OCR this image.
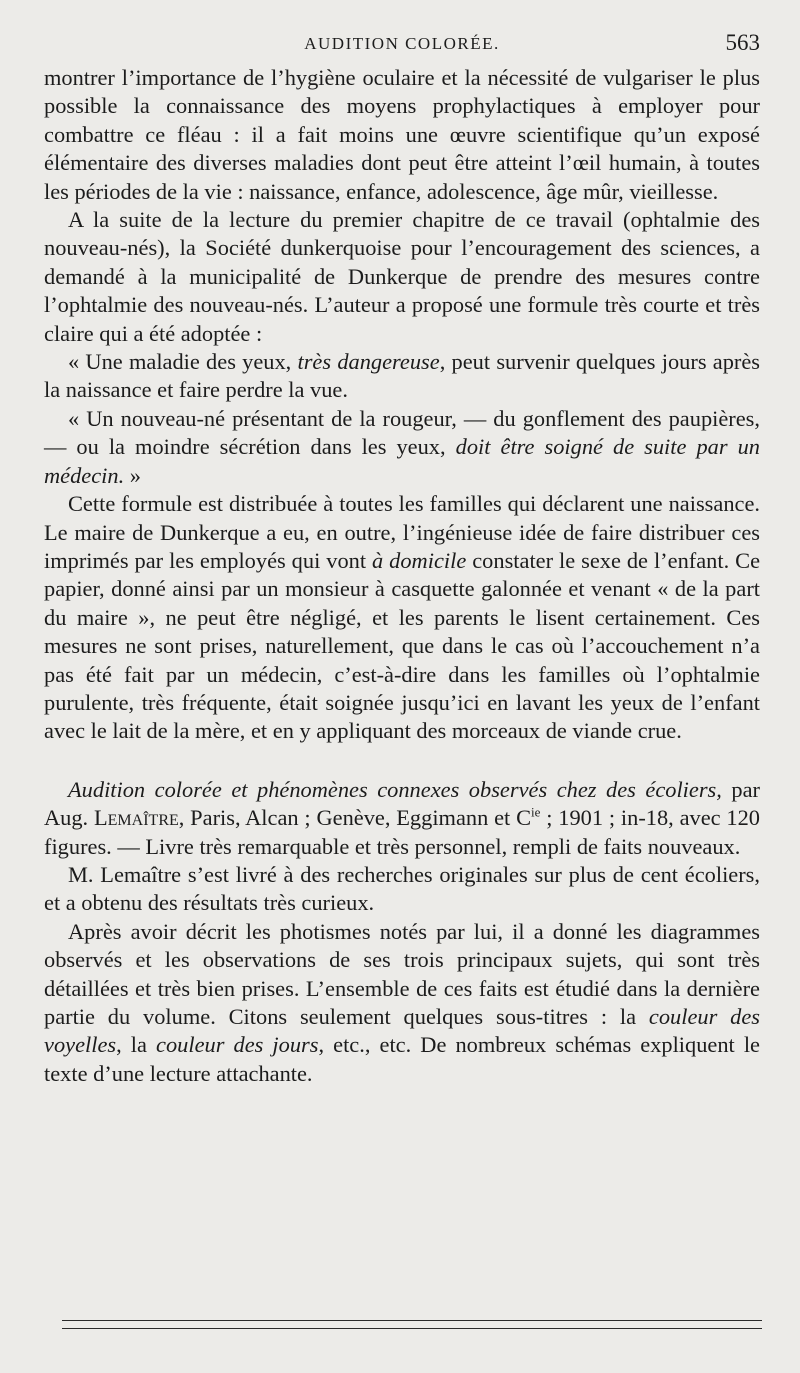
AUDITION COLORÉE.	563

montrer l’importance de l’hygiène oculaire et la nécessité de vulgariser le plus possible la connaissance des moyens prophylactiques à employer pour combattre ce fléau : il a fait moins une œuvre scientifique qu’un exposé élémentaire des diverses maladies dont peut être atteint l’œil humain, à toutes les périodes de la vie : naissance, enfance, adolescence, âge mûr, vieillesse.

A la suite de la lecture du premier chapitre de ce travail (ophtalmie des nouveau-nés), la Société dunkerquoise pour l’encouragement des sciences, a demandé à la municipalité de Dunkerque de prendre des mesures contre l’ophtalmie des nouveau-nés. L’auteur a proposé une formule très courte et très claire qui a été adoptée :

« Une maladie des yeux, très dangereuse, peut survenir quelques jours après la naissance et faire perdre la vue.

« Un nouveau-né présentant de la rougeur, — du gonflement des paupières, — ou la moindre sécrétion dans les yeux, doit être soigné de suite par un médecin. »

Cette formule est distribuée à toutes les familles qui déclarent une naissance. Le maire de Dunkerque a eu, en outre, l’ingénieuse idée de faire distribuer ces imprimés par les employés qui vont à domicile constater le sexe de l’enfant. Ce papier, donné ainsi par un monsieur à casquette galonnée et venant « de la part du maire », ne peut être négligé, et les parents le lisent certainement. Ces mesures ne sont prises, naturellement, que dans le cas où l’accouchement n’a pas été fait par un médecin, c’est-à-dire dans les familles où l’ophtalmie purulente, très fréquente, était soignée jusqu’ici en lavant les yeux de l’enfant avec le lait de la mère, et en y appliquant des morceaux de viande crue.

Audition colorée et phénomènes connexes observés chez des écoliers, par Aug. Lemaître, Paris, Alcan ; Genève, Eggimann et $C^{ie}$ ; 1901 ; in-18, avec 120 figures. — Livre très remarquable et très personnel, rempli de faits nouveaux.

M. Lemaître s’est livré à des recherches originales sur plus de cent écoliers, et a obtenu des résultats très curieux.

Après avoir décrit les photismes notés par lui, il a donné les diagrammes observés et les observations de ses trois principaux sujets, qui sont très détaillées et très bien prises. L’ensemble de ces faits est étudié dans la dernière partie du volume. Citons seulement quelques sous-titres : la couleur des voyelles, la couleur des jours, etc., etc. De nombreux schémas expliquent le texte d’une lecture attachante.
